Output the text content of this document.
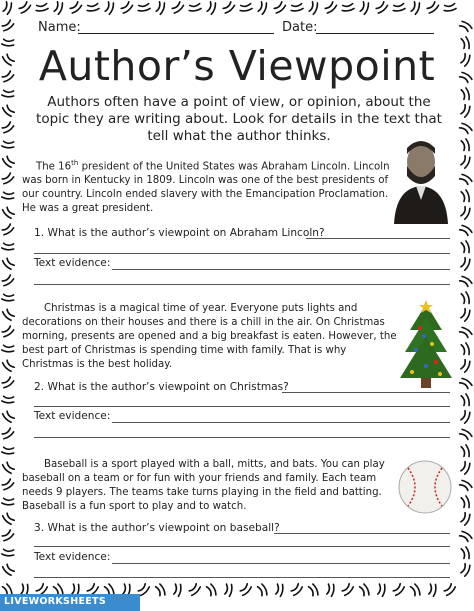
Name:	Date:
Author’s Viewpoint
Authors often have a point of view, or opinion, about the topic they are writing about. Look for details in the text that tell what the author thinks.
The 16th president of the United States was Abraham Lincoln. Lincoln was born in Kentucky in 1809. Lincoln was one of the best presidents of our country. Lincoln ended slavery with the Emancipation Proclamation. He was a great president.
1. What is the author’s viewpoint on Abraham Lincoln?
Text evidence:
Christmas is a magical time of year. Everyone puts lights and decorations on their houses and there is a chill in the air. On Christmas morning, presents are opened and a big breakfast is eaten. However, the best part of Christmas is spending time with family. That is why Christmas is the best holiday.
2. What is the author’s viewpoint on Christmas?
Text evidence:
Baseball is a sport played with a ball, mitts, and bats. You can play baseball on a team or for fun with your friends and family. Each team needs 9 players. The teams take turns playing in the field and batting. Baseball is a fun sport to play and to watch.
3. What is the author’s viewpoint on baseball?
Text evidence:
LIVEWORKSHEETS
